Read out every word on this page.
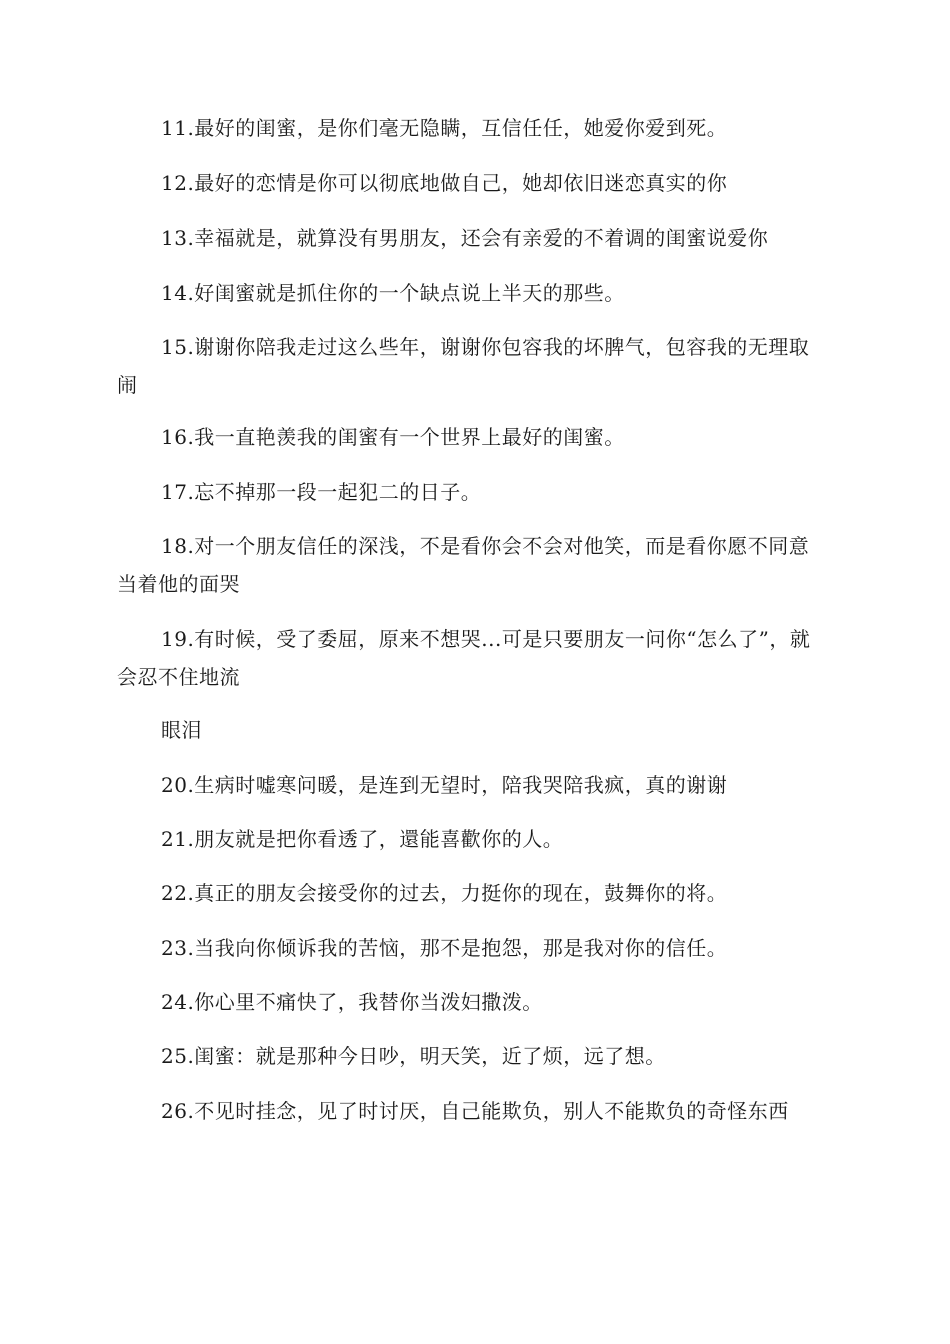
11.最好的闺蜜，是你们毫无隐瞒，互信任任，她爱你爱到死。

12.最好的恋情是你可以彻底地做自己，她却依旧迷恋真实的你

13.幸福就是，就算没有男朋友，还会有亲爱的不着调的闺蜜说爱你

14.好闺蜜就是抓住你的一个缺点说上半天的那些。

15.谢谢你陪我走过这么些年，谢谢你包容我的坏脾气，包容我的无理取闹

16.我一直艳羡我的闺蜜有一个世界上最好的闺蜜。

17.忘不掉那一段一起犯二的日子。

18.对一个朋友信任的深浅，不是看你会不会对他笑，而是看你愿不同意当着他的面哭

19.有时候，受了委屈，原来不想哭...可是只要朋友一问你“怎么了”，就会忍不住地流

眼泪

20.生病时嘘寒问暖，是连到无望时，陪我哭陪我疯，真的谢谢

21.朋友就是把你看透了，還能喜歡你的人。

22.真正的朋友会接受你的过去，力挺你的现在，鼓舞你的将。

23.当我向你倾诉我的苦恼，那不是抱怨，那是我对你的信任。

24.你心里不痛快了，我替你当泼妇撒泼。

25.闺蜜：就是那种今日吵，明天笑，近了烦，远了想。

26.不见时挂念，见了时讨厌，自己能欺负，别人不能欺负的奇怪东西
